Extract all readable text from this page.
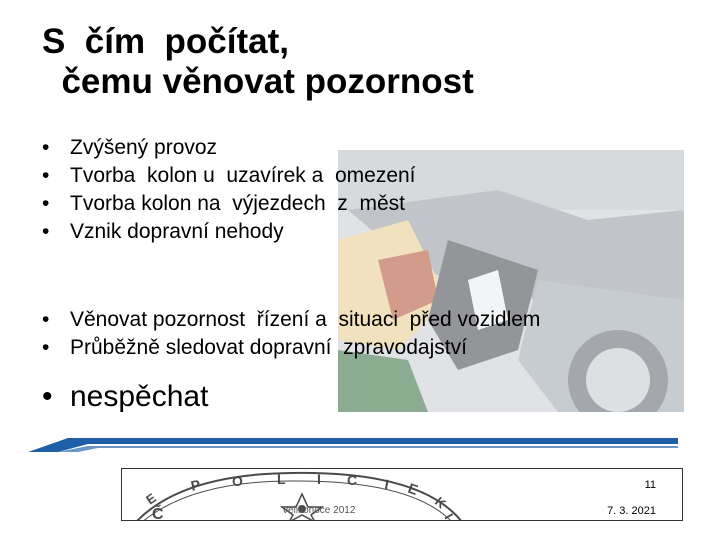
S  čím  počítat,
čemu věnovat pozornost
• Zvýšený provoz
• Tvorba  kolon u  uzavírek a  omezení
• Tvorba kolon na  výjezdech  z  měst
• Vznik dopravní nehody
• Věnovat pozornost  řízení a  situaci  před vozidlem
• Průběžně sledovat dopravní  zpravodajství
• nespěchat
Č
E
P O L I C I E
K
I
11
Velikonoce 2012	7. 3. 2021
